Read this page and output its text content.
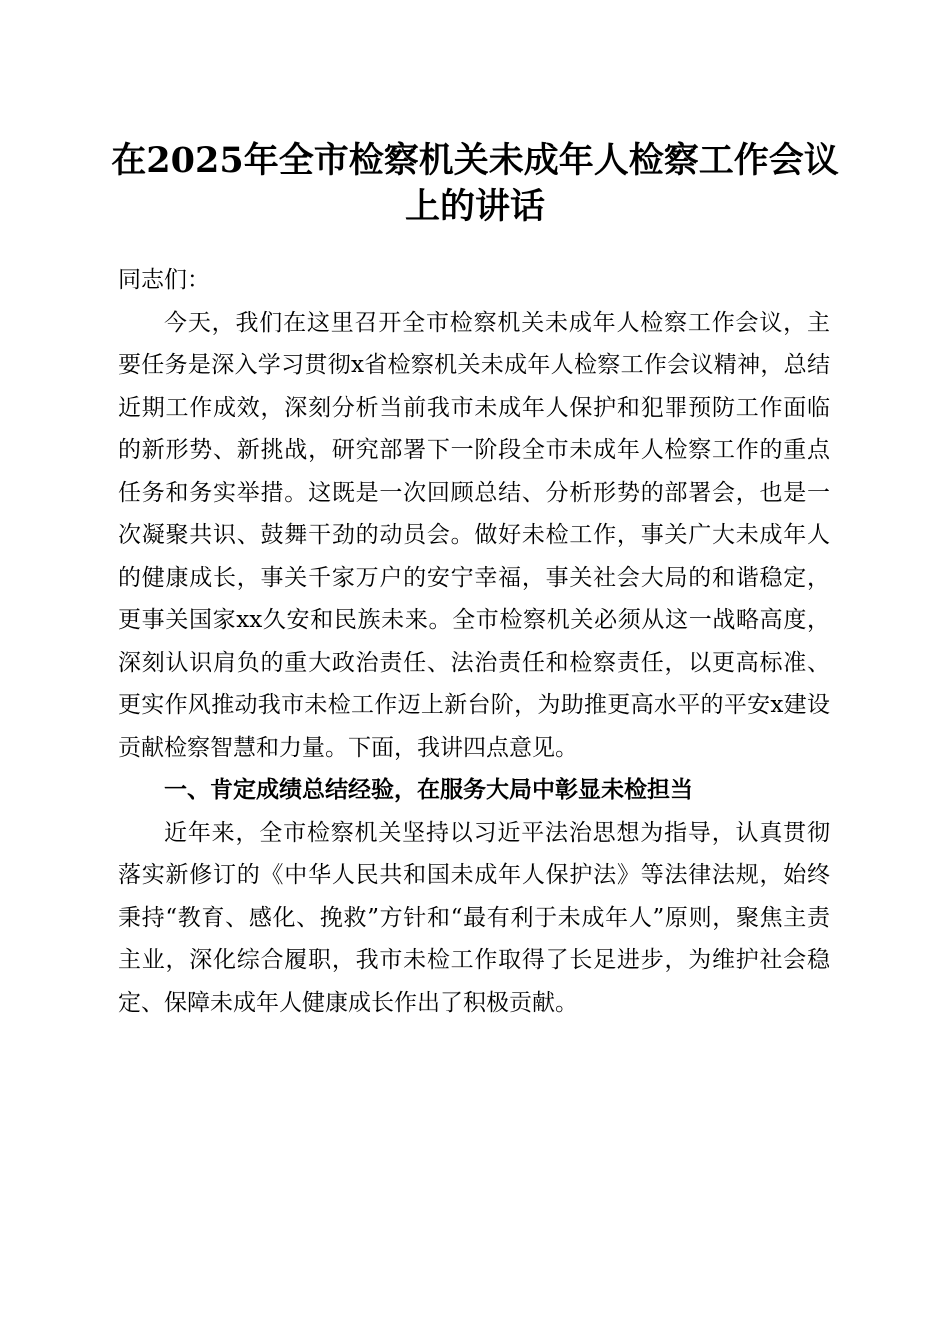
在2025年全市检察机关未成年人检察工作会议上的讲话

同志们：

今天，我们在这里召开全市检察机关未成年人检察工作会议，主要任务是深入学习贯彻x省检察机关未成年人检察工作会议精神，总结近期工作成效，深刻分析当前我市未成年人保护和犯罪预防工作面临的新形势、新挑战，研究部署下一阶段全市未成年人检察工作的重点任务和务实举措。这既是一次回顾总结、分析形势的部署会，也是一次凝聚共识、鼓舞干劲的动员会。做好未检工作，事关广大未成年人的健康成长，事关千家万户的安宁幸福，事关社会大局的和谐稳定，更事关国家xx久安和民族未来。全市检察机关必须从这一战略高度，深刻认识肩负的重大政治责任、法治责任和检察责任，以更高标准、更实作风推动我市未检工作迈上新台阶，为助推更高水平的平安x建设贡献检察智慧和力量。下面，我讲四点意见。

一、肯定成绩总结经验，在服务大局中彰显未检担当

近年来，全市检察机关坚持以习近平法治思想为指导，认真贯彻落实新修订的《中华人民共和国未成年人保护法》等法律法规，始终秉持“教育、感化、挽救”方针和“最有利于未成年人”原则，聚焦主责主业，深化综合履职，我市未检工作取得了长足进步，为维护社会稳定、保障未成年人健康成长作出了积极贡献。
